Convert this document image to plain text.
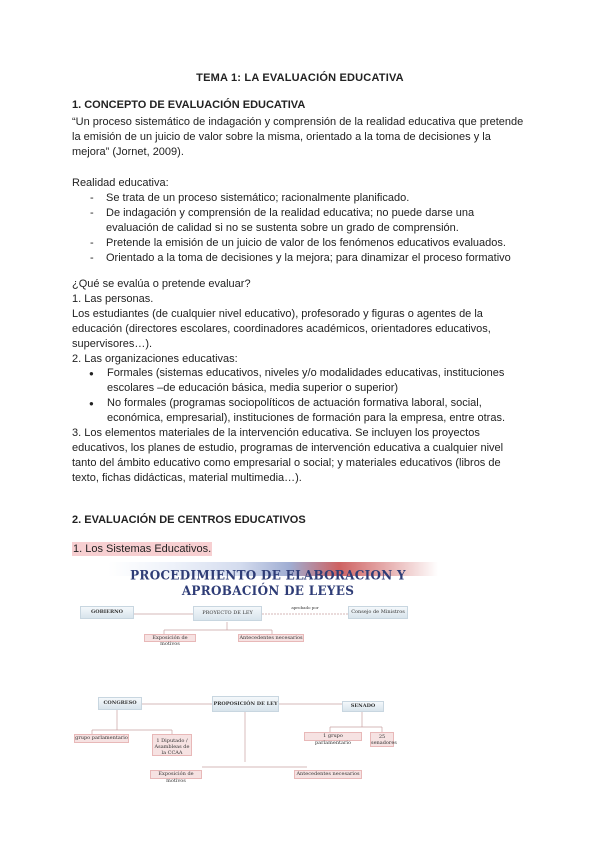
TEMA 1: LA EVALUACIÓN EDUCATIVA
1. CONCEPTO DE EVALUACIÓN EDUCATIVA
“Un proceso sistemático de indagación y comprensión de la realidad educativa que pretende
la emisión de un juicio de valor sobre la misma, orientado a la toma de decisiones y la
mejora” (Jornet, 2009).
Realidad educativa:
- Se trata de un proceso sistemático; racionalmente planificado.
- De indagación y comprensión de la realidad educativa; no puede darse una
evaluación de calidad si no se sustenta sobre un grado de comprensión.
- Pretende la emisión de un juicio de valor de los fenómenos educativos evaluados.
- Orientado a la toma de decisiones y la mejora; para dinamizar el proceso formativo
¿Qué se evalúa o pretende evaluar?
1. Las personas.
Los estudiantes (de cualquier nivel educativo), profesorado y figuras o agentes de la
educación (directores escolares, coordinadores académicos, orientadores educativos,
supervisores…).
2. Las organizaciones educativas:
● Formales (sistemas educativos, niveles y/o modalidades educativas, instituciones
escolares –de educación básica, media superior o superior)
● No formales (programas sociopolíticos de actuación formativa laboral, social,
económica, empresarial), instituciones de formación para la empresa, entre otras.
3. Los elementos materiales de la intervención educativa. Se incluyen los proyectos
educativos, los planes de estudio, programas de intervención educativa a cualquier nivel
tanto del ámbito educativo como empresarial o social; y materiales educativos (libros de
texto, fichas didácticas, material multimedia…).
2. EVALUACIÓN DE CENTROS EDUCATIVOS
1. Los Sistemas Educativos.
PROCEDIMIENTO DE ELABORACION Y APROBACIÓN DE LEYES
GOBIERNO	PROYECTO DE LEY
aprobado por
Consejo de Ministros
Exposición de motivos
Antecedentes necesarios
CONGRESO	PROPOSICIÓN DE LEY	SENADO
grupo parlamentario	1 Diputado / Asambleas de la CCAA
1 grupo parlamentario
25 senadores
Exposición de motivos
Antecedentes necesarios
